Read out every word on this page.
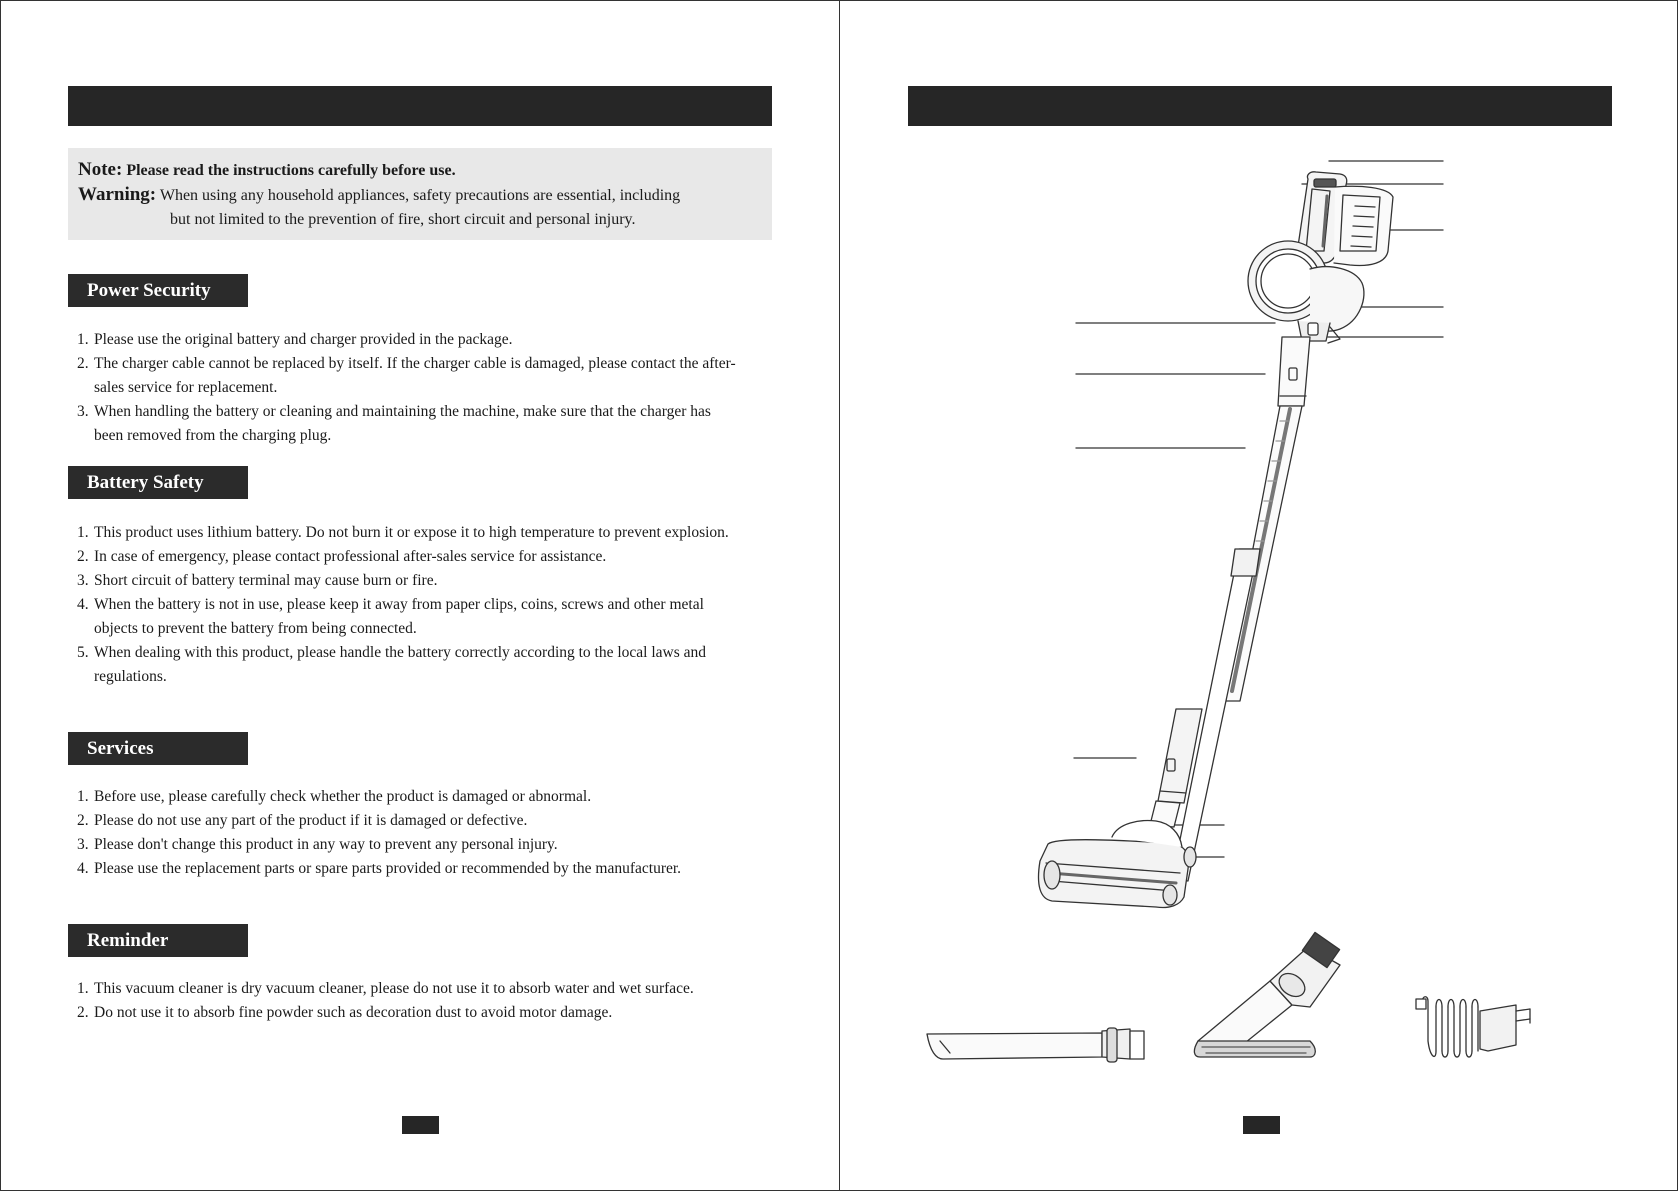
Note: Please read the instructions carefully before use.
Warning: When using any household appliances, safety precautions are essential, including
but not limited to the prevention of fire, short circuit and personal injury.
Power Security
1. Please use the original battery and charger provided in the package.
2. The charger cable cannot be replaced by itself. If the charger cable is damaged, please contact the after-sales service for replacement.
3. When handling the battery or cleaning and maintaining the machine, make sure that the charger has been removed from the charging plug.
Battery Safety
1. This product uses lithium battery. Do not burn it or expose it to high temperature to prevent explosion.
2. In case of emergency, please contact professional after-sales service for assistance.
3. Short circuit of battery terminal may cause burn or fire.
4. When the battery is not in use, please keep it away from paper clips, coins, screws and other metal objects to prevent the battery from being connected.
5. When dealing with this product, please handle the battery correctly according to the local laws and regulations.
Services
1. Before use, please carefully check whether the product is damaged or abnormal.
2. Please do not use any part of the product if it is damaged or defective.
3. Please don't change this product in any way to prevent any personal injury.
4. Please use the replacement parts or spare parts provided or recommended by the manufacturer.
Reminder
1. This vacuum cleaner is dry vacuum cleaner, please do not use it to absorb water and wet surface.
2. Do not use it to absorb fine powder such as decoration dust to avoid motor damage.
